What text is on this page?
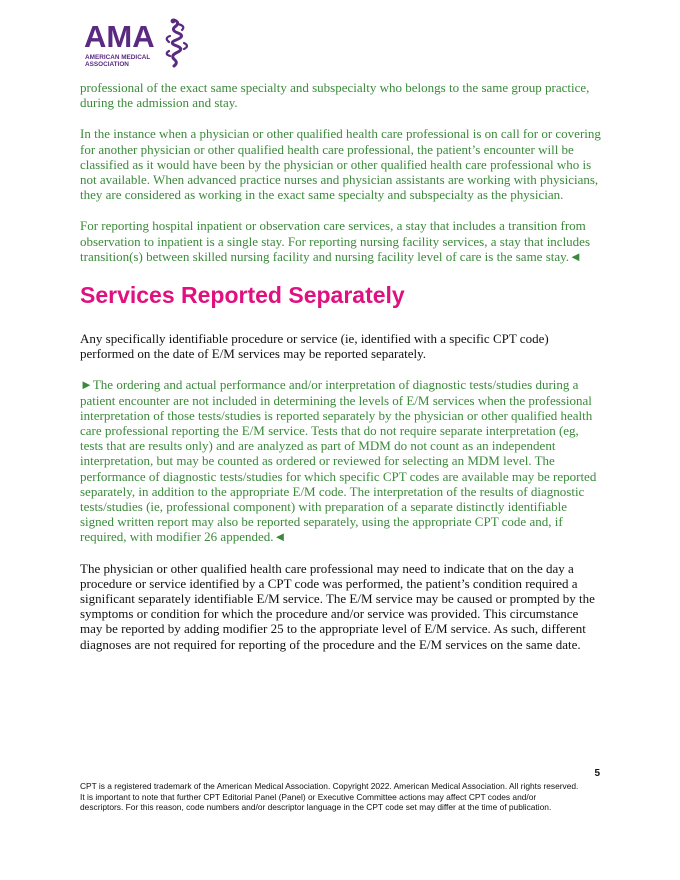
AMA
AMERICAN MEDICAL
ASSOCIATION

professional of the exact same specialty and subspecialty who belongs to the same group practice, during the admission and stay.

In the instance when a physician or other qualified health care professional is on call for or covering for another physician or other qualified health care professional, the patient’s encounter will be classified as it would have been by the physician or other qualified health care professional who is not available. When advanced practice nurses and physician assistants are working with physicians, they are considered as working in the exact same specialty and subspecialty as the physician.

For reporting hospital inpatient or observation care services, a stay that includes a transition from observation to inpatient is a single stay. For reporting nursing facility services, a stay that includes transition(s) between skilled nursing facility and nursing facility level of care is the same stay.◄

Services Reported Separately

Any specifically identifiable procedure or service (ie, identified with a specific CPT code) performed on the date of E/M services may be reported separately.

►The ordering and actual performance and/or interpretation of diagnostic tests/studies during a patient encounter are not included in determining the levels of E/M services when the professional interpretation of those tests/studies is reported separately by the physician or other qualified health care professional reporting the E/M service. Tests that do not require separate interpretation (eg, tests that are results only) and are analyzed as part of MDM do not count as an independent interpretation, but may be counted as ordered or reviewed for selecting an MDM level. The performance of diagnostic tests/studies for which specific CPT codes are available may be reported separately, in addition to the appropriate E/M code. The interpretation of the results of diagnostic tests/studies (ie, professional component) with preparation of a separate distinctly identifiable signed written report may also be reported separately, using the appropriate CPT code and, if required, with modifier 26 appended.◄

The physician or other qualified health care professional may need to indicate that on the day a procedure or service identified by a CPT code was performed, the patient’s condition required a significant separately identifiable E/M service. The E/M service may be caused or prompted by the symptoms or condition for which the procedure and/or service was provided. This circumstance may be reported by adding modifier 25 to the appropriate level of E/M service. As such, different diagnoses are not required for reporting of the procedure and the E/M services on the same date.

5
CPT is a registered trademark of the American Medical Association. Copyright 2022. American Medical Association. All rights reserved. It is important to note that further CPT Editorial Panel (Panel) or Executive Committee actions may affect CPT codes and/or descriptors. For this reason, code numbers and/or descriptor language in the CPT code set may differ at the time of publication.
